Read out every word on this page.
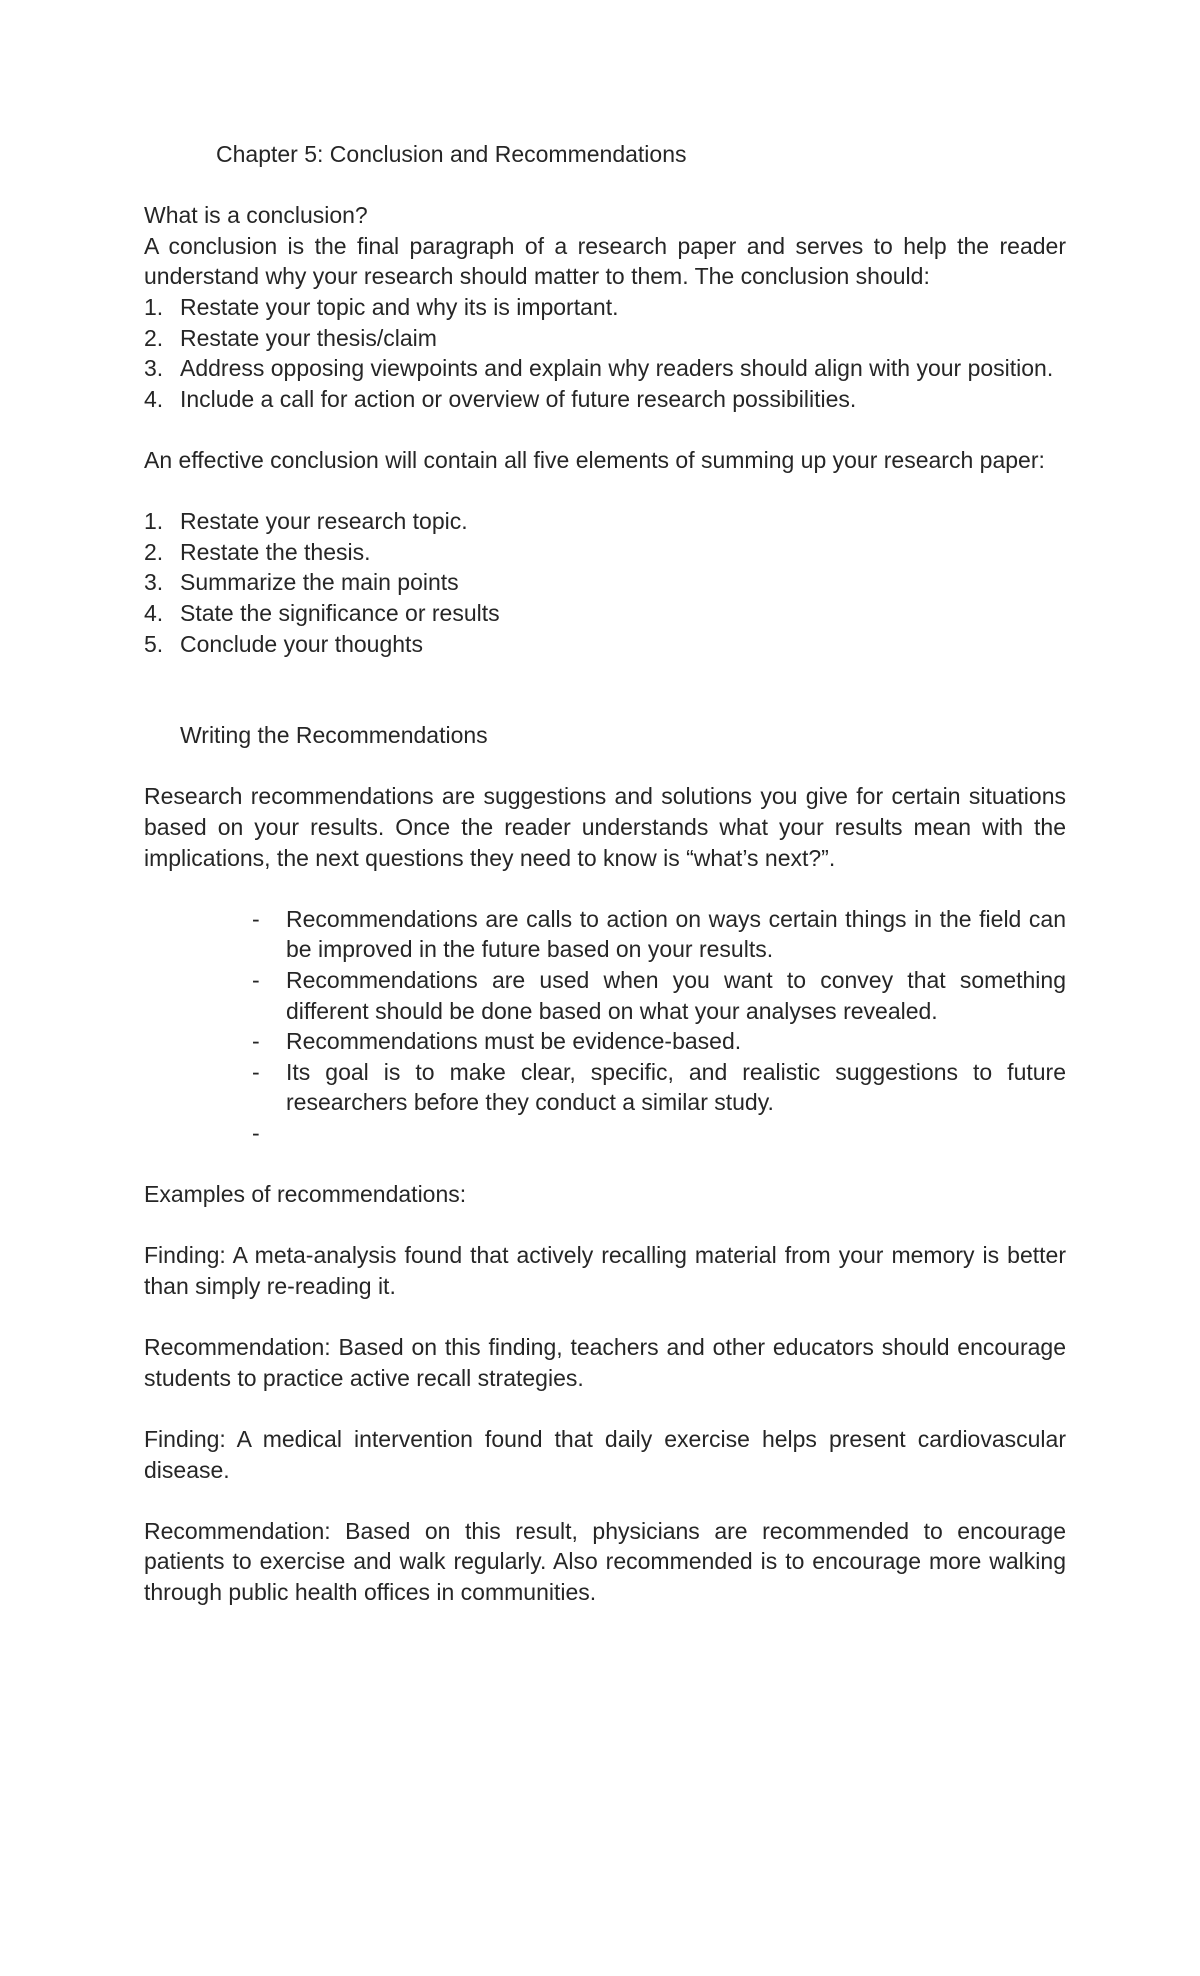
Chapter 5: Conclusion and Recommendations

What is a conclusion?

A conclusion is the final paragraph of a research paper and serves to help the reader understand why your research should matter to them. The conclusion should:

1. Restate your topic and why its is important.
2. Restate your thesis/claim
3. Address opposing viewpoints and explain why readers should align with your position.
4. Include a call for action or overview of future research possibilities.

An effective conclusion will contain all five elements of summing up your research paper:

1. Restate your research topic.
2. Restate the thesis.
3. Summarize the main points
4. State the significance or results
5. Conclude your thoughts

Writing the Recommendations

Research recommendations are suggestions and solutions you give for certain situations based on your results. Once the reader understands what your results mean with the implications, the next questions they need to know is “what’s next?”.

- Recommendations are calls to action on ways certain things in the field can be improved in the future based on your results.
- Recommendations are used when you want to convey that something different should be done based on what your analyses revealed.
- Recommendations must be evidence-based.
- Its goal is to make clear, specific, and realistic suggestions to future researchers before they conduct a similar study.
-

Examples of recommendations:

Finding: A meta-analysis found that actively recalling material from your memory is better than simply re-reading it.

Recommendation: Based on this finding, teachers and other educators should encourage students to practice active recall strategies.

Finding: A medical intervention found that daily exercise helps present cardiovascular disease.

Recommendation: Based on this result, physicians are recommended to encourage patients to exercise and walk regularly. Also recommended is to encourage more walking through public health offices in communities.
